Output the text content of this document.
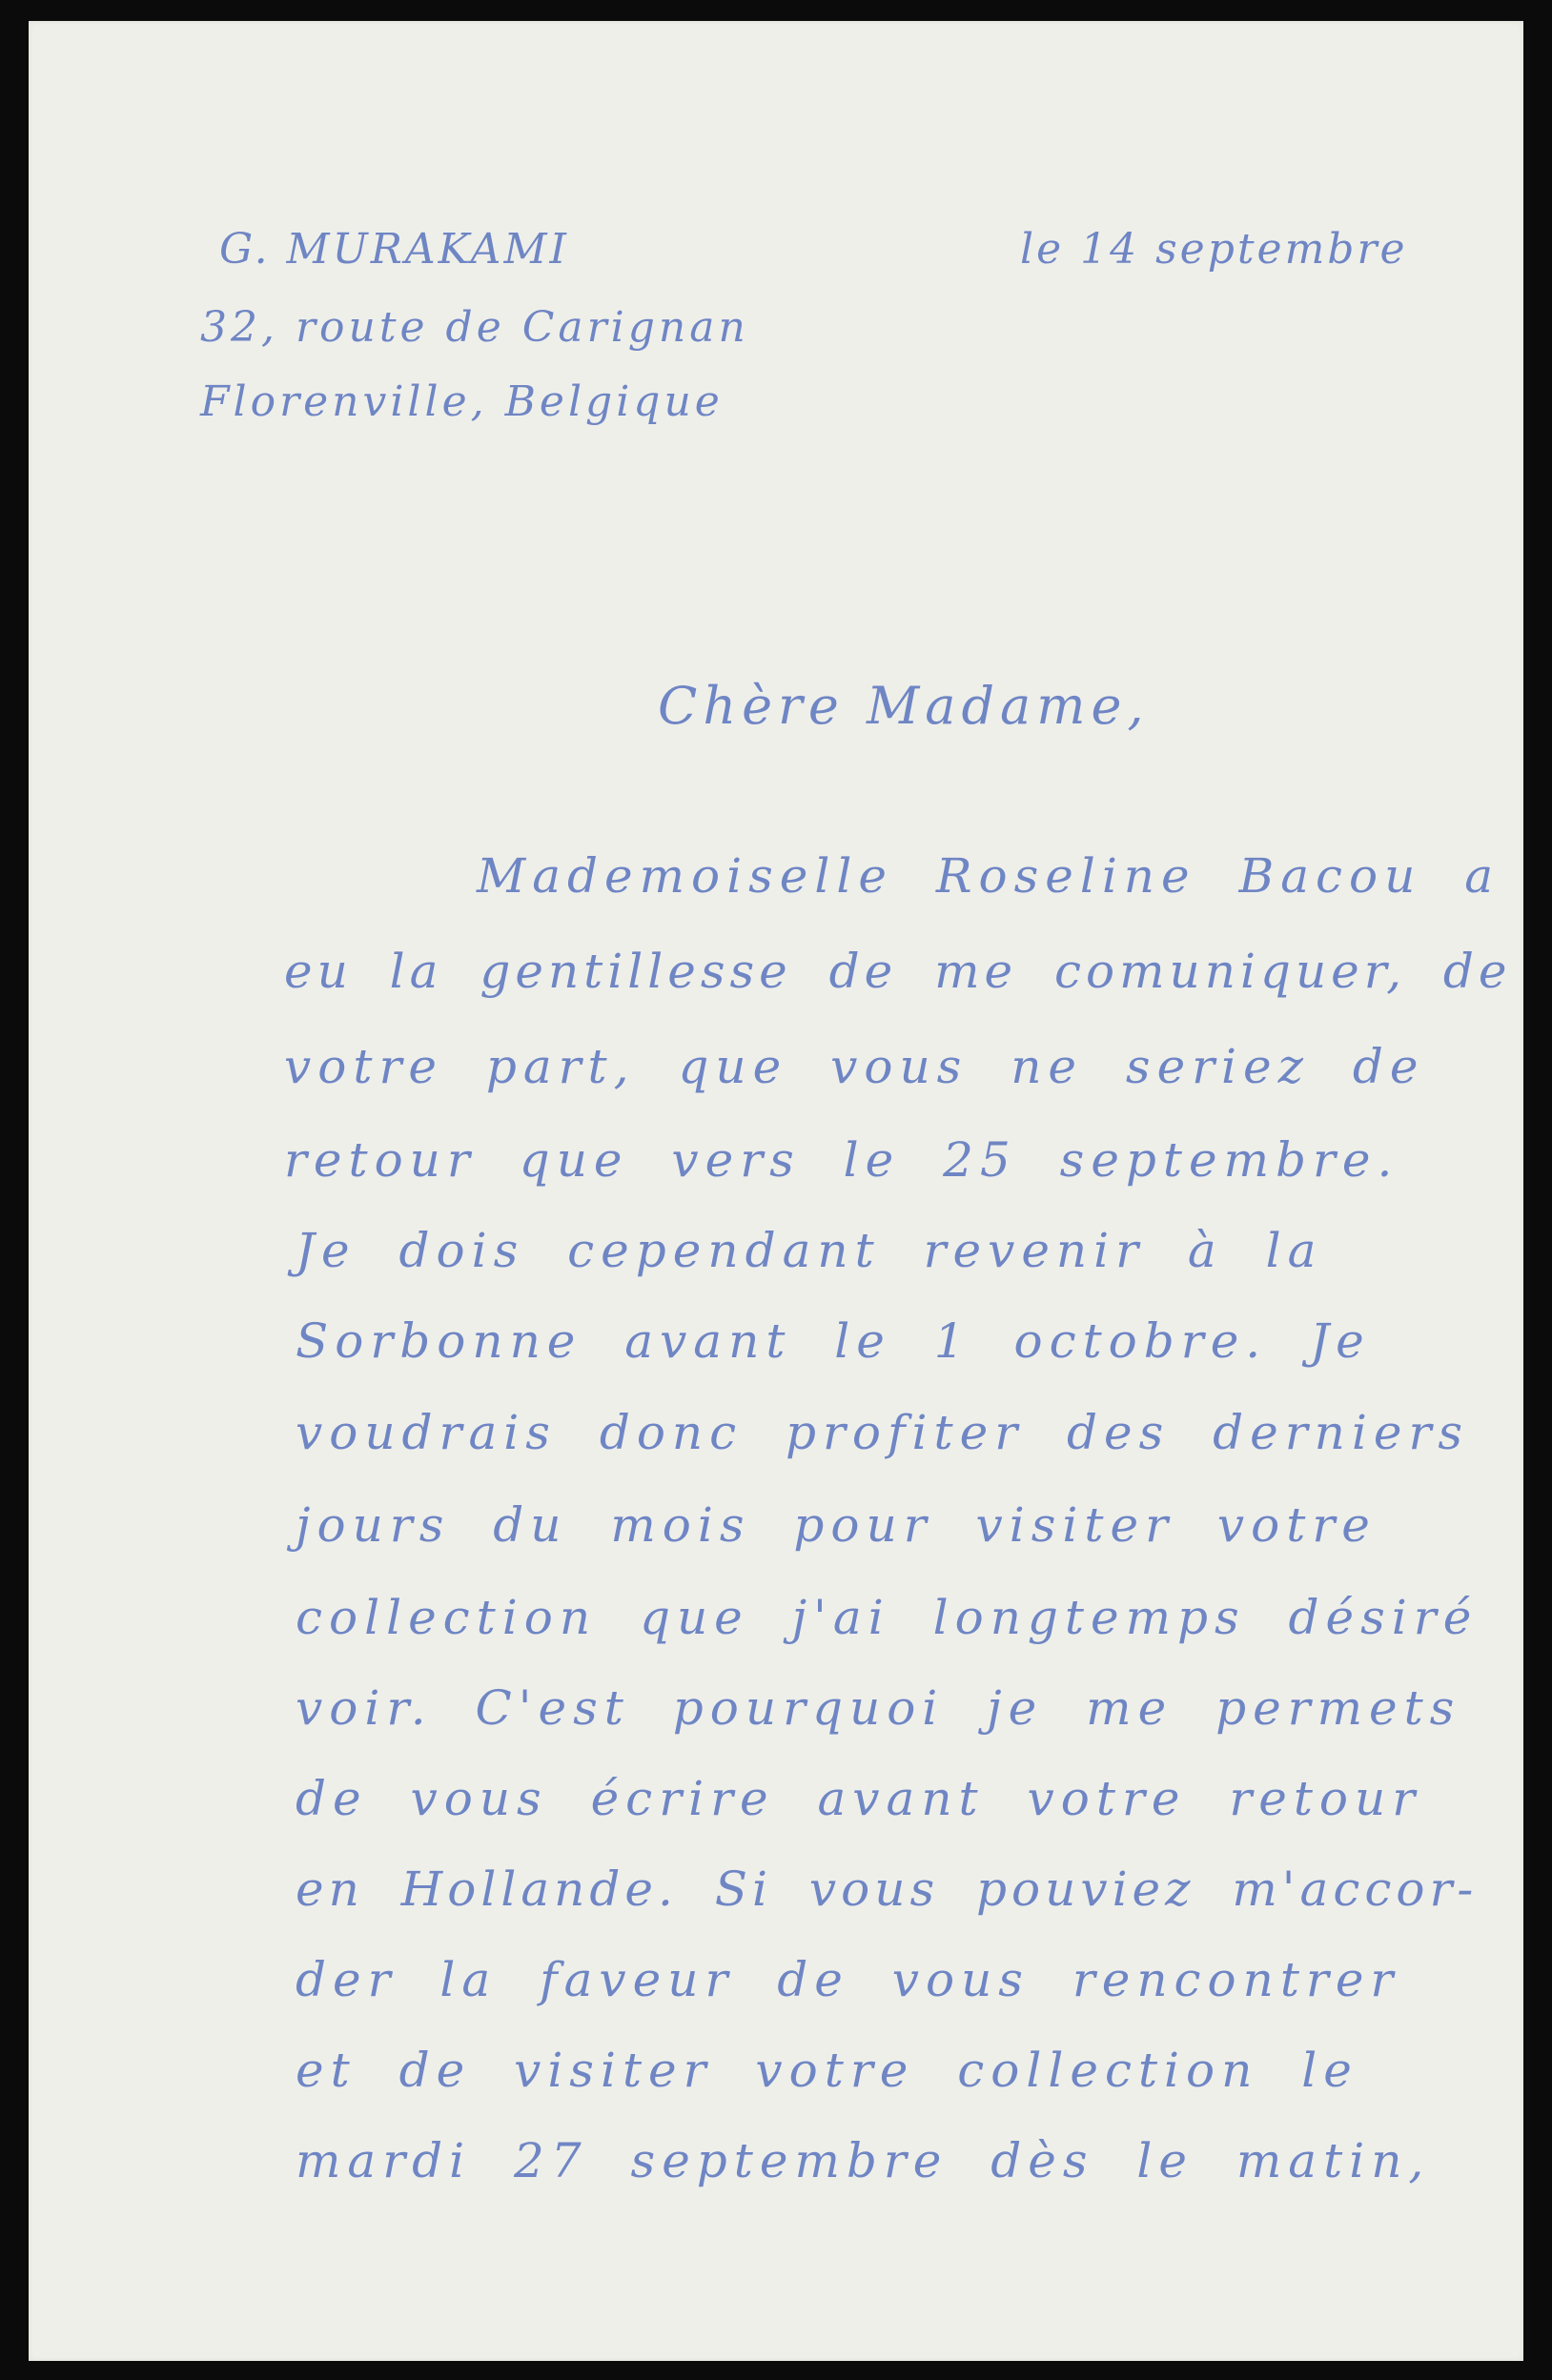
G. MURAKAMI	le 14 septembre
32, route de Carignan
Florenville, Belgique
Chère Madame,
Mademoiselle Roseline Bacou a
eu la gentillesse de me comuniquer, de
votre part, que vous ne seriez de
retour que vers le 25 septembre.
Je dois cependant revenir à la
Sorbonne avant le 1 octobre. Je
voudrais donc profiter des derniers
jours du mois pour visiter votre
collection que j'ai longtemps désiré
voir. C'est pourquoi je me permets
de vous écrire avant votre retour
en Hollande. Si vous pouviez m'accor-
der la faveur de vous rencontrer
et de visiter votre collection le
mardi 27 septembre dès le matin,
